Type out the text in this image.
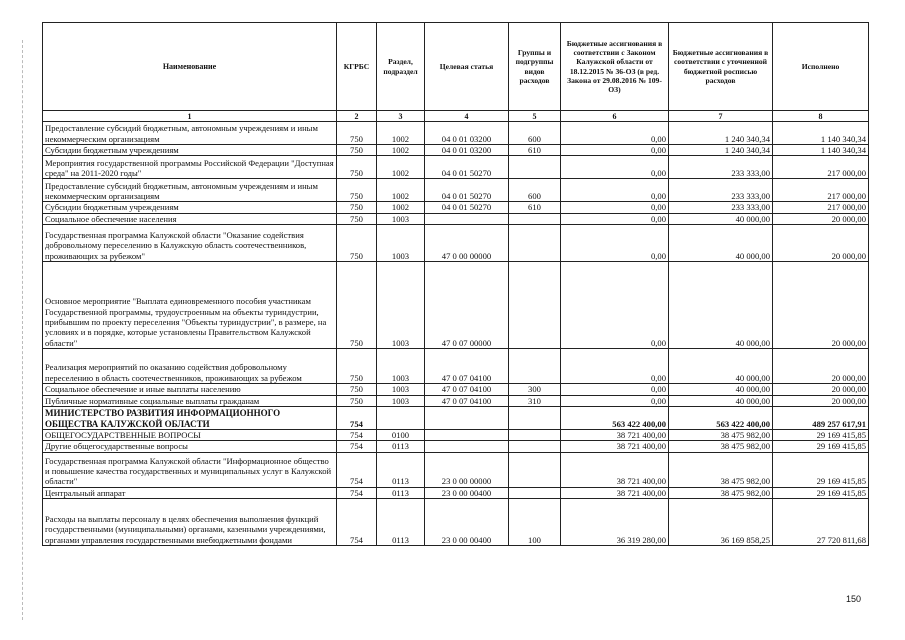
Наименование	КГРБС	Раздел, подраздел	Целевая статья	Группы и подгруппы видов расходов	Бюджетные ассигнования в соответствии с Законом Калужской области от 18.12.2015 № 36-ОЗ (в ред. Закона от 29.08.2016 № 109-ОЗ)	Бюджетные ассигнования в соответствии с уточненной бюджетной росписью расходов	Исполнено
1	2	3	4	5	6	7	8
Предоставление субсидий бюджетным, автономным учреждениям и иным некоммерческим организациям	750	1002	04 0 01 03200	600	0,00	1 240 340,34	1 140 340,34
Субсидии бюджетным учреждениям	750	1002	04 0 01 03200	610	0,00	1 240 340,34	1 140 340,34
Мероприятия государственной программы Российской Федерации "Доступная среда" на 2011-2020 годы"	750	1002	04 0 01 50270		0,00	233 333,00	217 000,00
Предоставление субсидий бюджетным, автономным учреждениям и иным некоммерческим организациям	750	1002	04 0 01 50270	600	0,00	233 333,00	217 000,00
Субсидии бюджетным учреждениям	750	1002	04 0 01 50270	610	0,00	233 333,00	217 000,00
Социальное обеспечение населения	750	1003			0,00	40 000,00	20 000,00
Государственная программа Калужской области "Оказание содействия добровольному переселению в Калужскую область соотечественников, проживающих за рубежом"	750	1003	47 0 00 00000		0,00	40 000,00	20 000,00
Основное мероприятие "Выплата единовременного пособия участникам Государственной программы, трудоустроенным на объекты туриндустрии, прибывшим по проекту переселения "Объекты туриндустрии", в размере, на условиях и в порядке, которые установлены Правительством Калужской области"	750	1003	47 0 07 00000		0,00	40 000,00	20 000,00
Реализация мероприятий по оказанию содействия добровольному переселению в область соотечественников, проживающих за рубежом	750	1003	47 0 07 04100		0,00	40 000,00	20 000,00
Социальное обеспечение и иные выплаты населению	750	1003	47 0 07 04100	300	0,00	40 000,00	20 000,00
Публичные нормативные социальные выплаты гражданам	750	1003	47 0 07 04100	310	0,00	40 000,00	20 000,00
МИНИСТЕРСТВО РАЗВИТИЯ ИНФОРМАЦИОННОГО ОБЩЕСТВА КАЛУЖСКОЙ ОБЛАСТИ	754				563 422 400,00	563 422 400,00	489 257 617,91
ОБЩЕГОСУДАРСТВЕННЫЕ ВОПРОСЫ	754	0100			38 721 400,00	38 475 982,00	29 169 415,85
Другие общегосударственные вопросы	754	0113			38 721 400,00	38 475 982,00	29 169 415,85
Государственная программа Калужской области "Информационное общество и повышение качества государственных и муниципальных услуг в Калужской области"	754	0113	23 0 00 00000		38 721 400,00	38 475 982,00	29 169 415,85
Центральный аппарат	754	0113	23 0 00 00400		38 721 400,00	38 475 982,00	29 169 415,85
Расходы на выплаты персоналу в целях обеспечения выполнения функций государственными (муниципальными) органами, казенными учреждениями, органами управления государственными внебюджетными фондами	754	0113	23 0 00 00400	100	36 319 280,00	36 169 858,25	27 720 811,68
150
